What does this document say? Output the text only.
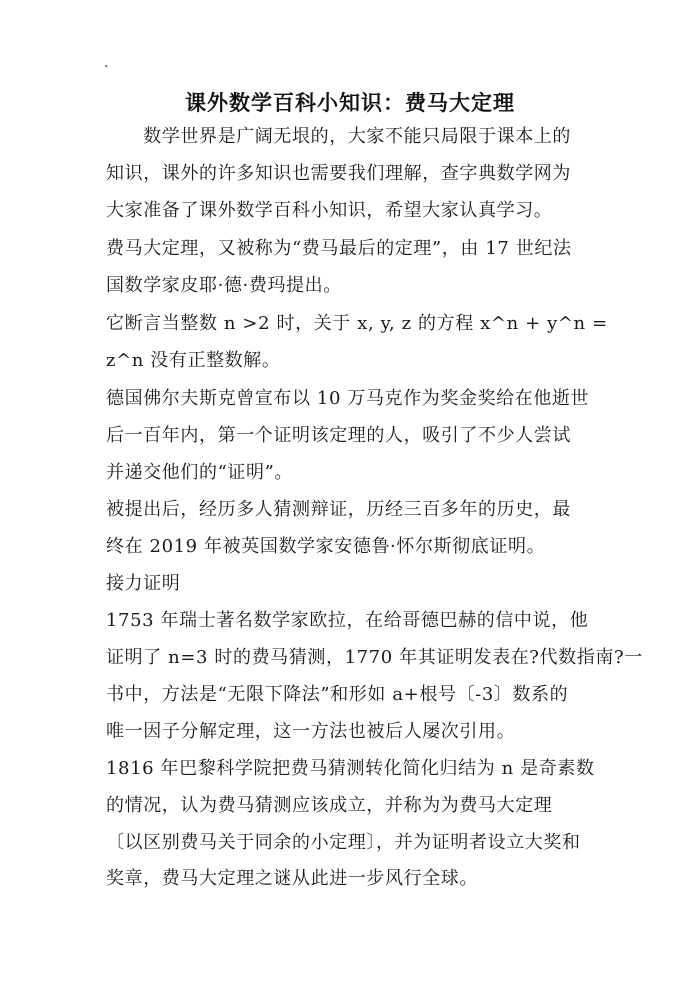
.
课外数学百科小知识：费马大定理
　　数学世界是广阔无垠的，大家不能只局限于课本上的
知识，课外的许多知识也需要我们理解，查字典数学网为
大家准备了课外数学百科小知识，希望大家认真学习。
费马大定理，又被称为“费马最后的定理”，由 17 世纪法
国数学家皮耶·德·费玛提出。
它断言当整数 n >2 时，关于 x, y, z 的方程 x^n + y^n =
z^n 没有正整数解。
德国佛尔夫斯克曾宣布以 10 万马克作为奖金奖给在他逝世
后一百年内，第一个证明该定理的人，吸引了不少人尝试
并递交他们的“证明”。
被提出后，经历多人猜测辩证，历经三百多年的历史，最
终在 2019 年被英国数学家安德鲁·怀尔斯彻底证明。
接力证明
1753 年瑞士著名数学家欧拉，在给哥德巴赫的信中说，他
证明了 n=3 时的费马猜测，1770 年其证明发表在?代数指南?一
书中，方法是“无限下降法”和形如 a+根号〔-3〕数系的
唯一因子分解定理，这一方法也被后人屡次引用。
1816 年巴黎科学院把费马猜测转化简化归结为 n 是奇素数
的情况，认为费马猜测应该成立，并称为为费马大定理
〔以区别费马关于同余的小定理〕，并为证明者设立大奖和
奖章，费马大定理之谜从此进一步风行全球。
